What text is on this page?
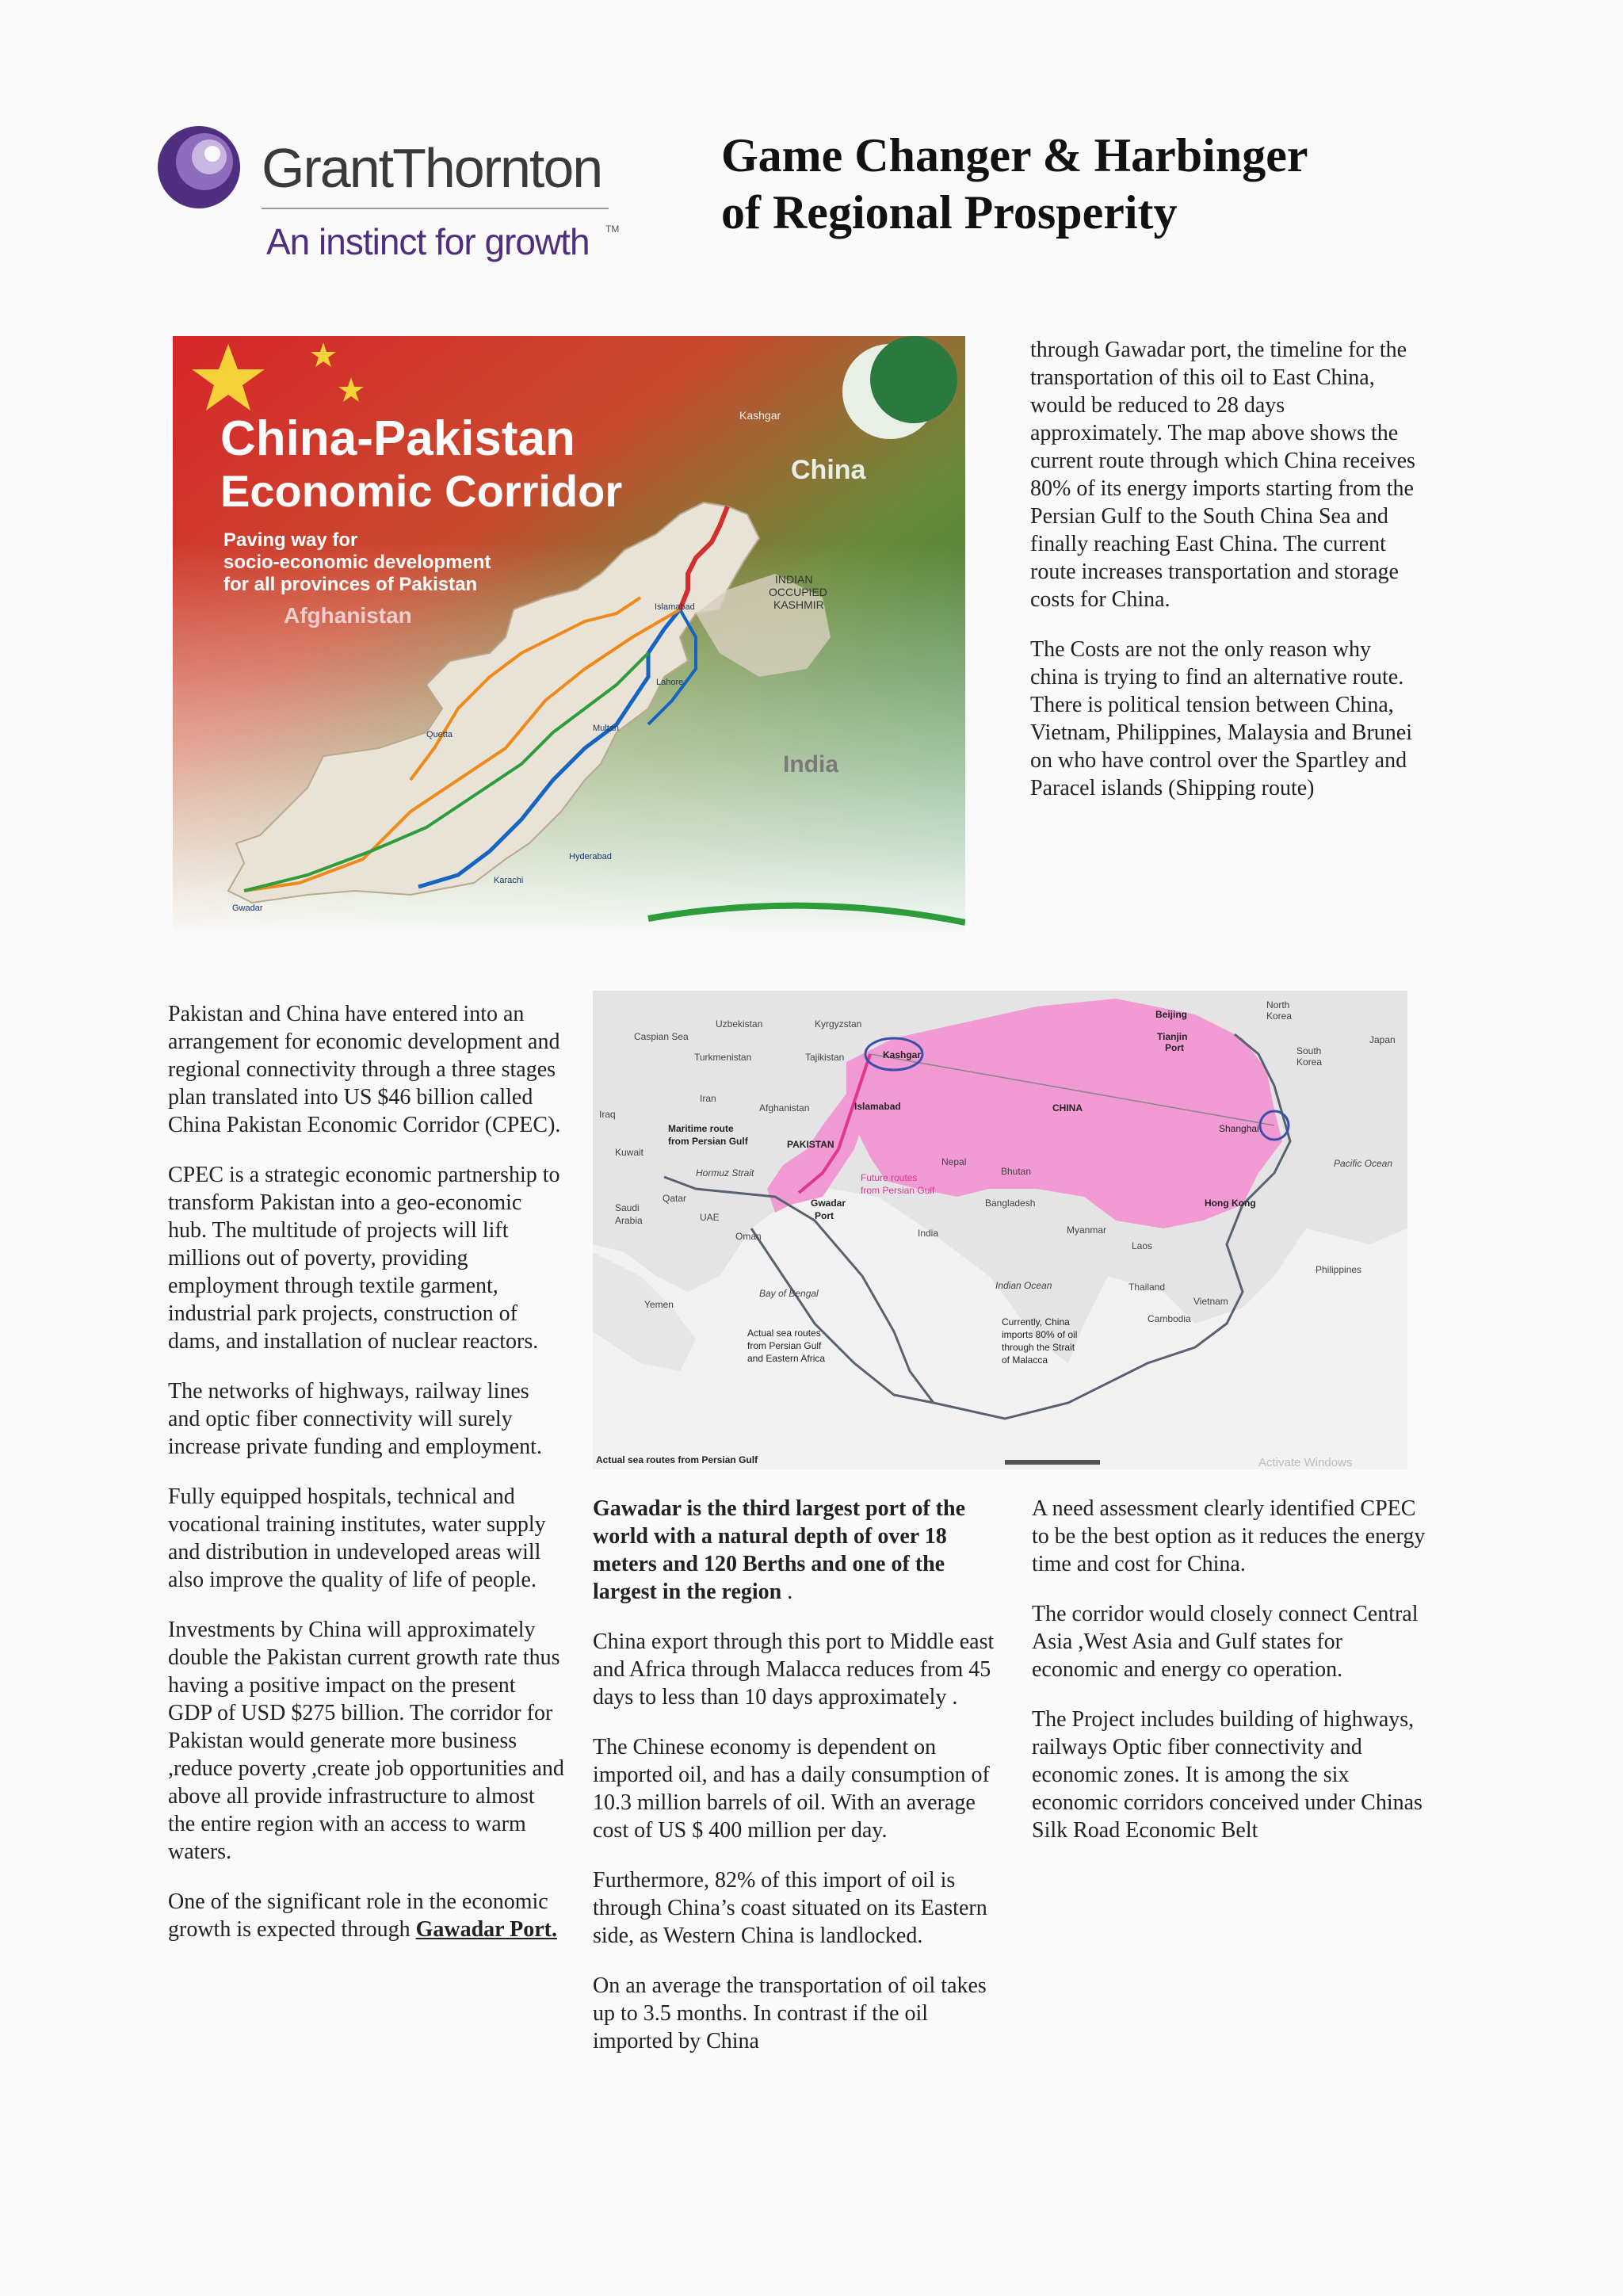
GrantThornton
An instinct for growth TM
Game Changer & Harbinger
of Regional Prosperity
China-Pakistan
Economic Corridor
Paving way for
socio-economic development
for all provinces of Pakistan
Afghanistan
China
India
INDIAN
OCCUPIED
KASHMIR
Kashgar
Karachi
Gwadar
Islamabad
Lahore
Multan
Quetta
Hyderabad

through Gawadar port, the timeline for the transportation of this oil to East China, would be reduced to 28 days approximately. The map above shows the current route through which China receives 80% of its energy imports starting from the Persian Gulf to the South China Sea and finally reaching East China. The current route increases transportation and storage costs for China.

The Costs are not the only reason why china is trying to find an alternative route. There is political tension between China, Vietnam, Philippines, Malaysia and Brunei on who have control over the Spartley and Paracel islands (Shipping route)

Pakistan and China have entered into an arrangement for economic development and regional connectivity through a three stages plan translated into US $46 billion called China Pakistan Economic Corridor (CPEC).

CPEC is a strategic economic partnership to transform Pakistan into a geo-economic hub. The multitude of projects will lift millions out of poverty, providing employment through textile garment, industrial park projects, construction of dams, and installation of nuclear reactors.

The networks of highways, railway lines and optic fiber connectivity will surely increase private funding and employment.

Fully equipped hospitals, technical and vocational training institutes, water supply and distribution in undeveloped areas will also improve the quality of life of people.

Investments by China will approximately double the Pakistan current growth rate thus having a positive impact on the present GDP of USD $275 billion. The corridor for Pakistan would generate more business ,reduce poverty ,create job opportunities and above all provide infrastructure to almost the entire region with an access to warm waters.

One of the significant role in the economic growth is expected through Gawadar Port.

Caspian Sea
Uzbekistan	Kyrgyzstan
Turkmenistan	Tajikistan	Kashgar
Iran
Afghanistan	Islamabad
Iraq
Maritime route
from Persian Gulf	PAKISTAN
Kuwait
Hormuz Strait
Nepal
Future routes
from Persian Gulf
Gwadar
Port
Bhutan
Qatar
Saudi
Arabia	UAE
Oman
Bangladesh
India	Myanmar
Laos
CHINA
Beijing
Tianjin
Port
North
Korea
South
Korea
Japan
Shanghai
Pacific Ocean
Hong Kong
Philippines
Thailand
Vietnam
Cambodia
Indian Ocean
Yemen
Bay of Bengal
Actual sea routes
from Persian Gulf
and Eastern Africa
Currently, China
imports 80% of oil
through the Strait
of Malacca
Actual sea routes from Persian Gulf	Activate Windows

Gawadar is the third largest port of the world with a natural depth of over 18 meters and 120 Berths and one of the largest in the region .

China export through this port to Middle east and Africa through Malacca reduces from 45 days to less than 10 days approximately .

The Chinese economy is dependent on imported oil, and has a daily consumption of 10.3 million barrels of oil. With an average cost of US $ 400 million per day.

Furthermore, 82% of this import of oil is through China’s coast situated on its Eastern side, as Western China is landlocked.

On an average the transportation of oil takes up to 3.5 months. In contrast if the oil imported by China

A need assessment clearly identified CPEC to be the best option as it reduces the energy time and cost for China.

The corridor would closely connect Central Asia ,West Asia and Gulf states for economic and energy co operation.

The Project includes building of highways, railways Optic fiber connectivity and economic zones. It is among the six economic corridors conceived under Chinas Silk Road Economic Belt
